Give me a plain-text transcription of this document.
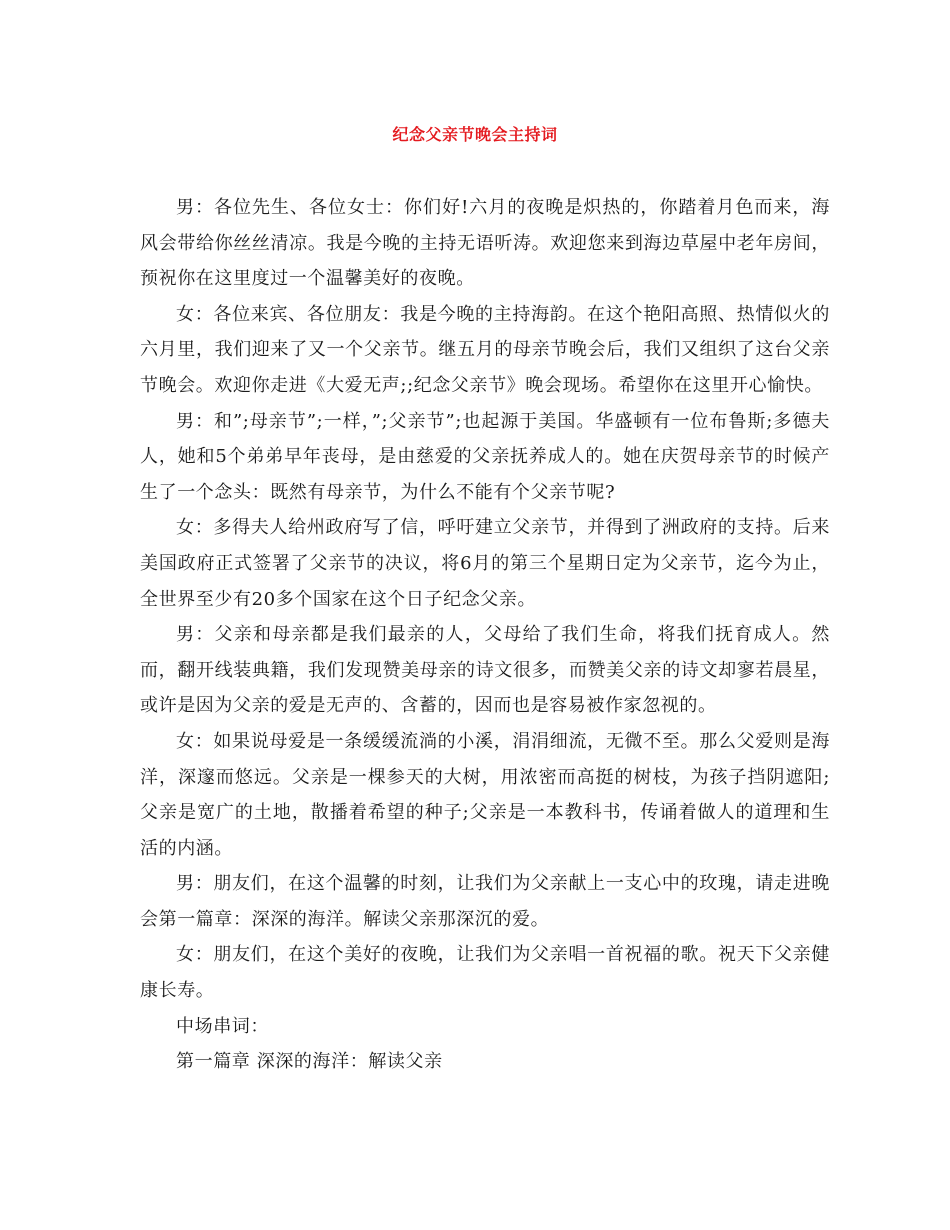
纪念父亲节晚会主持词

男：各位先生、各位女士：你们好!六月的夜晚是炽热的，你踏着月色而来，海风会带给你丝丝清凉。我是今晚的主持无语听涛。欢迎您来到海边草屋中老年房间，预祝你在这里度过一个温馨美好的夜晚。

女：各位来宾、各位朋友：我是今晚的主持海韵。在这个艳阳高照、热情似火的六月里，我们迎来了又一个父亲节。继五月的母亲节晚会后，我们又组织了这台父亲节晚会。欢迎你走进《大爱无声;;纪念父亲节》晚会现场。希望你在这里开心愉快。

男：和”;母亲节”;一样，”;父亲节”;也起源于美国。华盛顿有一位布鲁斯;多德夫人，她和5个弟弟早年丧母，是由慈爱的父亲抚养成人的。她在庆贺母亲节的时候产生了一个念头：既然有母亲节，为什么不能有个父亲节呢?

女：多得夫人给州政府写了信，呼吁建立父亲节，并得到了洲政府的支持。后来美国政府正式签署了父亲节的决议，将6月的第三个星期日定为父亲节，迄今为止，全世界至少有20多个国家在这个日子纪念父亲。

男：父亲和母亲都是我们最亲的人，父母给了我们生命，将我们抚育成人。然而，翻开线装典籍，我们发现赞美母亲的诗文很多，而赞美父亲的诗文却寥若晨星，或许是因为父亲的爱是无声的、含蓄的，因而也是容易被作家忽视的。

女：如果说母爱是一条缓缓流淌的小溪，涓涓细流，无微不至。那么父爱则是海洋，深邃而悠远。父亲是一棵参天的大树，用浓密而高挺的树枝，为孩子挡阴遮阳;父亲是宽广的土地，散播着希望的种子;父亲是一本教科书，传诵着做人的道理和生活的内涵。

男：朋友们，在这个温馨的时刻，让我们为父亲献上一支心中的玫瑰，请走进晚会第一篇章：深深的海洋。解读父亲那深沉的爱。

女：朋友们，在这个美好的夜晚，让我们为父亲唱一首祝福的歌。祝天下父亲健康长寿。

中场串词：

第一篇章 深深的海洋：解读父亲
